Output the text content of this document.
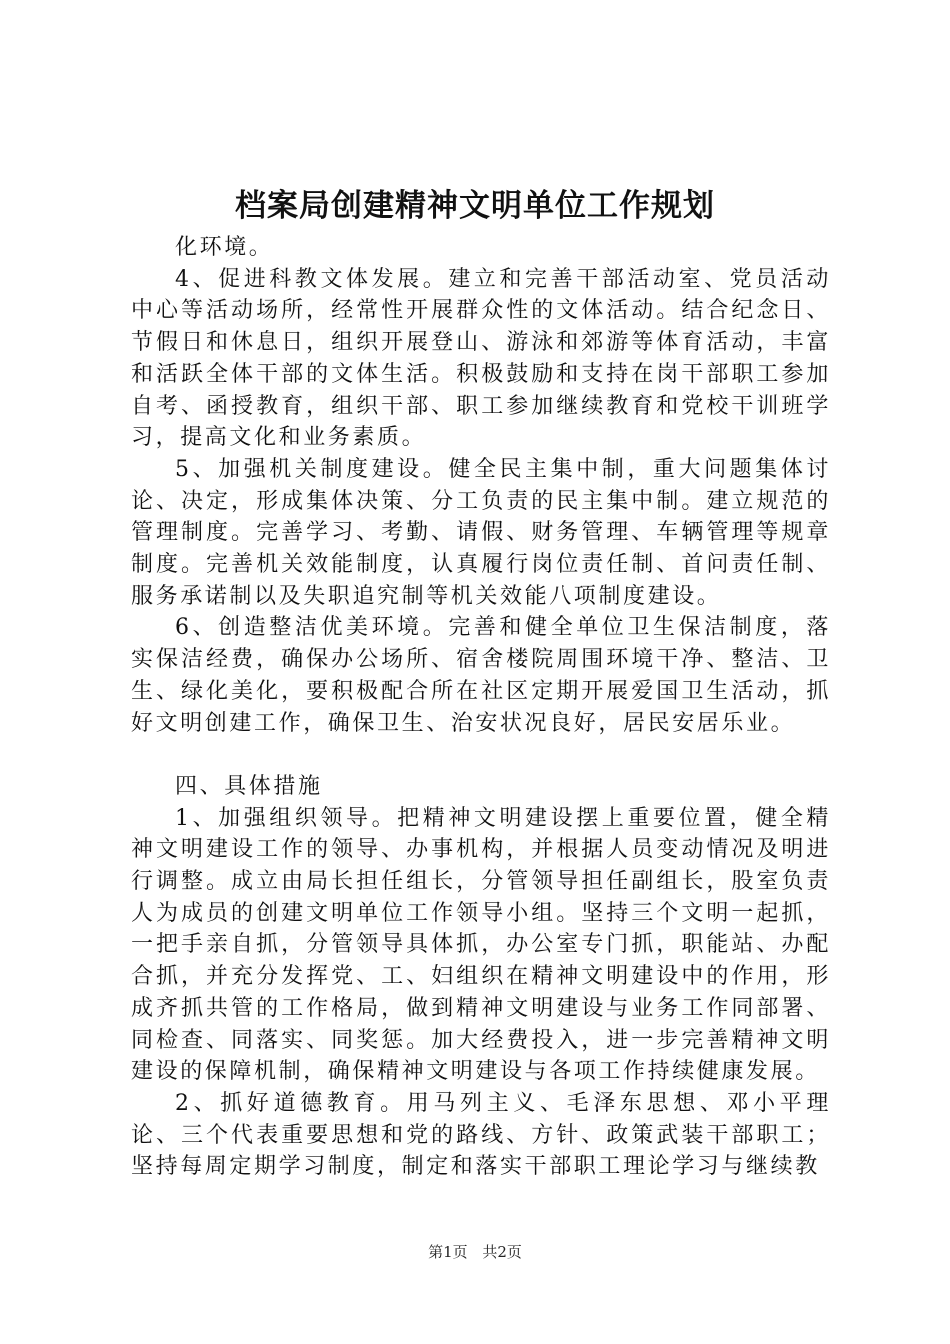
档案局创建精神文明单位工作规划

化环境。

4、促进科教文体发展。建立和完善干部活动室、党员活动中心等活动场所，经常性开展群众性的文体活动。结合纪念日、节假日和休息日，组织开展登山、游泳和郊游等体育活动，丰富和活跃全体干部的文体生活。积极鼓励和支持在岗干部职工参加自考、函授教育，组织干部、职工参加继续教育和党校干训班学习，提高文化和业务素质。

5、加强机关制度建设。健全民主集中制，重大问题集体讨论、决定，形成集体决策、分工负责的民主集中制。建立规范的管理制度。完善学习、考勤、请假、财务管理、车辆管理等规章制度。完善机关效能制度，认真履行岗位责任制、首问责任制、服务承诺制以及失职追究制等机关效能八项制度建设。

6、创造整洁优美环境。完善和健全单位卫生保洁制度，落实保洁经费，确保办公场所、宿舍楼院周围环境干净、整洁、卫生、绿化美化，要积极配合所在社区定期开展爱国卫生活动，抓好文明创建工作，确保卫生、治安状况良好，居民安居乐业。

四、具体措施

1、加强组织领导。把精神文明建设摆上重要位置，健全精神文明建设工作的领导、办事机构，并根据人员变动情况及明进行调整。成立由局长担任组长，分管领导担任副组长，股室负责人为成员的创建文明单位工作领导小组。坚持三个文明一起抓，一把手亲自抓，分管领导具体抓，办公室专门抓，职能站、办配合抓，并充分发挥党、工、妇组织在精神文明建设中的作用，形成齐抓共管的工作格局，做到精神文明建设与业务工作同部署、同检查、同落实、同奖惩。加大经费投入，进一步完善精神文明建设的保障机制，确保精神文明建设与各项工作持续健康发展。

2、抓好道德教育。用马列主义、毛泽东思想、邓小平理论、三个代表重要思想和党的路线、方针、政策武装干部职工；坚持每周定期学习制度，制定和落实干部职工理论学习与继续教

第1页 共2页
